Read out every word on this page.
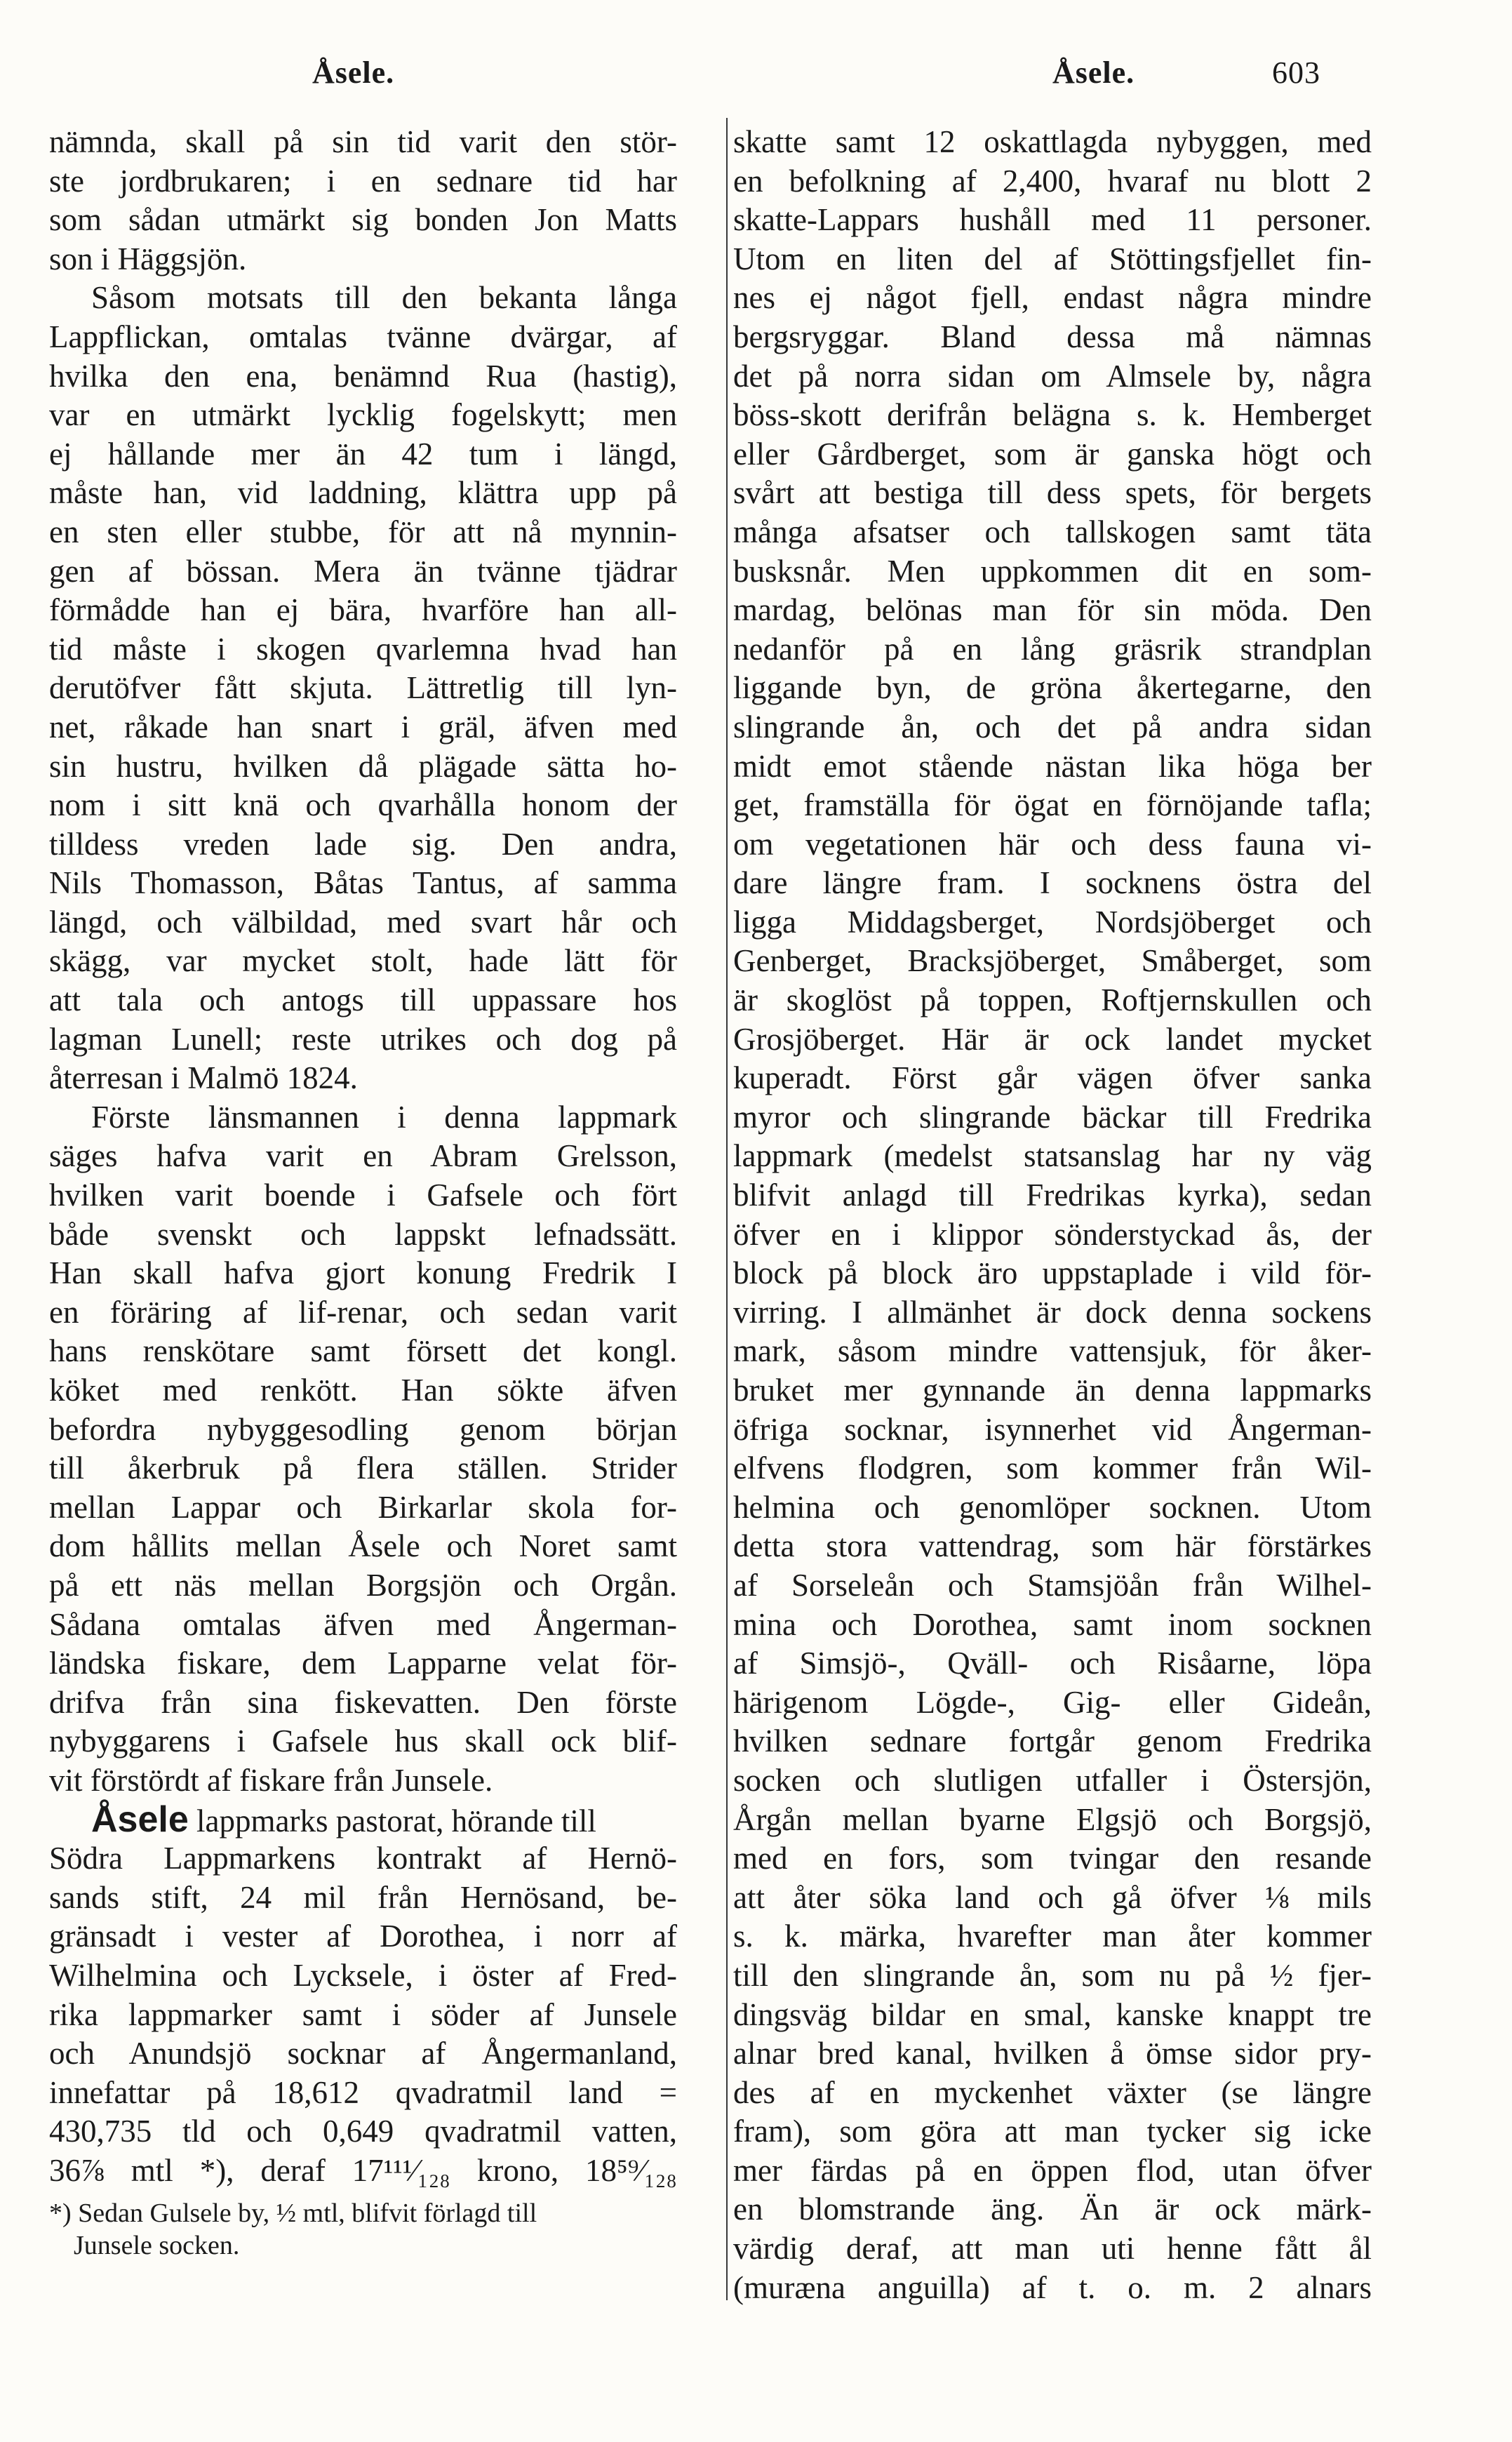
Åsele.	Åsele.	603
nämnda, skall på sin tid varit den stör-
ste jordbrukaren; i en sednare tid har
som sådan utmärkt sig bonden Jon Matts
son i Häggsjön.
Såsom motsats till den bekanta långa
Lappflickan, omtalas tvänne dvärgar, af
hvilka den ena, benämnd Rua (hastig),
var en utmärkt lycklig fogelskytt; men
ej hållande mer än 42 tum i längd,
måste han, vid laddning, klättra upp på
en sten eller stubbe, för att nå mynnin-
gen af bössan. Mera än tvänne tjädrar
förmådde han ej bära, hvarföre han all-
tid måste i skogen qvarlemna hvad han
derutöfver fått skjuta. Lättretlig till lyn-
net, råkade han snart i gräl, äfven med
sin hustru, hvilken då plägade sätta ho-
nom i sitt knä och qvarhålla honom der
tilldess vreden lade sig. Den andra,
Nils Thomasson, Båtas Tantus, af samma
längd, och välbildad, med svart hår och
skägg, var mycket stolt, hade lätt för
att tala och antogs till uppassare hos
lagman Lunell; reste utrikes och dog på
återresan i Malmö 1824.
Förste länsmannen i denna lappmark
säges hafva varit en Abram Grelsson,
hvilken varit boende i Gafsele och fört
både svenskt och lappskt lefnadssätt.
Han skall hafva gjort konung Fredrik I
en föräring af lif-renar, och sedan varit
hans renskötare samt försett det kongl.
köket med renkött. Han sökte äfven
befordra nybyggesodling genom början
till åkerbruk på flera ställen. Strider
mellan Lappar och Birkarlar skola for-
dom hållits mellan Åsele och Noret samt
på ett näs mellan Borgsjön och Orgån.
Sådana omtalas äfven med Ångerman-
ländska fiskare, dem Lapparne velat för-
drifva från sina fiskevatten. Den förste
nybyggarens i Gafsele hus skall ock blif-
vit förstördt af fiskare från Junsele.
Åsele lappmarks pastorat, hörande till
Södra Lappmarkens kontrakt af Hernö-
sands stift, 24 mil från Hernösand, be-
gränsadt i vester af Dorothea, i norr af
Wilhelmina och Lycksele, i öster af Fred-
rika lappmarker samt i söder af Junsele
och Anundsjö socknar af Ångermanland,
innefattar på 18,612 qvadratmil land =
430,735 tld och 0,649 qvadratmil vatten,
36⅞ mtl *), deraf 17¹¹¹⁄₁₂₈ krono, 18⁵⁹⁄₁₂₈
*) Sedan Gulsele by, ½ mtl, blifvit förlagd till
Junsele socken.
skatte samt 12 oskattlagda nybyggen, med
en befolkning af 2,400, hvaraf nu blott 2
skatte-Lappars hushåll med 11 personer.
Utom en liten del af Stöttingsfjellet fin-
nes ej något fjell, endast några mindre
bergsryggar. Bland dessa må nämnas
det på norra sidan om Almsele by, några
böss-skott derifrån belägna s. k. Hemberget
eller Gårdberget, som är ganska högt och
svårt att bestiga till dess spets, för bergets
många afsatser och tallskogen samt täta
busksnår. Men uppkommen dit en som-
mardag, belönas man för sin möda. Den
nedanför på en lång gräsrik strandplan
liggande byn, de gröna åkertegarne, den
slingrande ån, och det på andra sidan
midt emot stående nästan lika höga ber
get, framställa för ögat en förnöjande tafla;
om vegetationen här och dess fauna vi-
dare längre fram. I socknens östra del
ligga Middagsberget, Nordsjöberget och
Genberget, Bracksjöberget, Småberget, som
är skoglöst på toppen, Roftjernskullen och
Grosjöberget. Här är ock landet mycket
kuperadt. Först går vägen öfver sanka
myror och slingrande bäckar till Fredrika
lappmark (medelst statsanslag har ny väg
blifvit anlagd till Fredrikas kyrka), sedan
öfver en i klippor sönderstyckad ås, der
block på block äro uppstaplade i vild för-
virring. I allmänhet är dock denna sockens
mark, såsom mindre vattensjuk, för åker-
bruket mer gynnande än denna lappmarks
öfriga socknar, isynnerhet vid Ångerman-
elfvens flodgren, som kommer från Wil-
helmina och genomlöper socknen. Utom
detta stora vattendrag, som här förstärkes
af Sorseleån och Stamsjöån från Wilhel-
mina och Dorothea, samt inom socknen
af Simsjö-, Qväll- och Risåarne, löpa
härigenom Lögde-, Gig- eller Gideån,
hvilken sednare fortgår genom Fredrika
socken och slutligen utfaller i Östersjön,
Årgån mellan byarne Elgsjö och Borgsjö,
med en fors, som tvingar den resande
att åter söka land och gå öfver ⅛ mils
s. k. märka, hvarefter man åter kommer
till den slingrande ån, som nu på ½ fjer-
dingsväg bildar en smal, kanske knappt tre
alnar bred kanal, hvilken å ömse sidor pry-
des af en myckenhet växter (se längre
fram), som göra att man tycker sig icke
mer färdas på en öppen flod, utan öfver
en blomstrande äng. Än är ock märk-
värdig deraf, att man uti henne fått ål
(muræna anguilla) af t. o. m. 2 alnars
